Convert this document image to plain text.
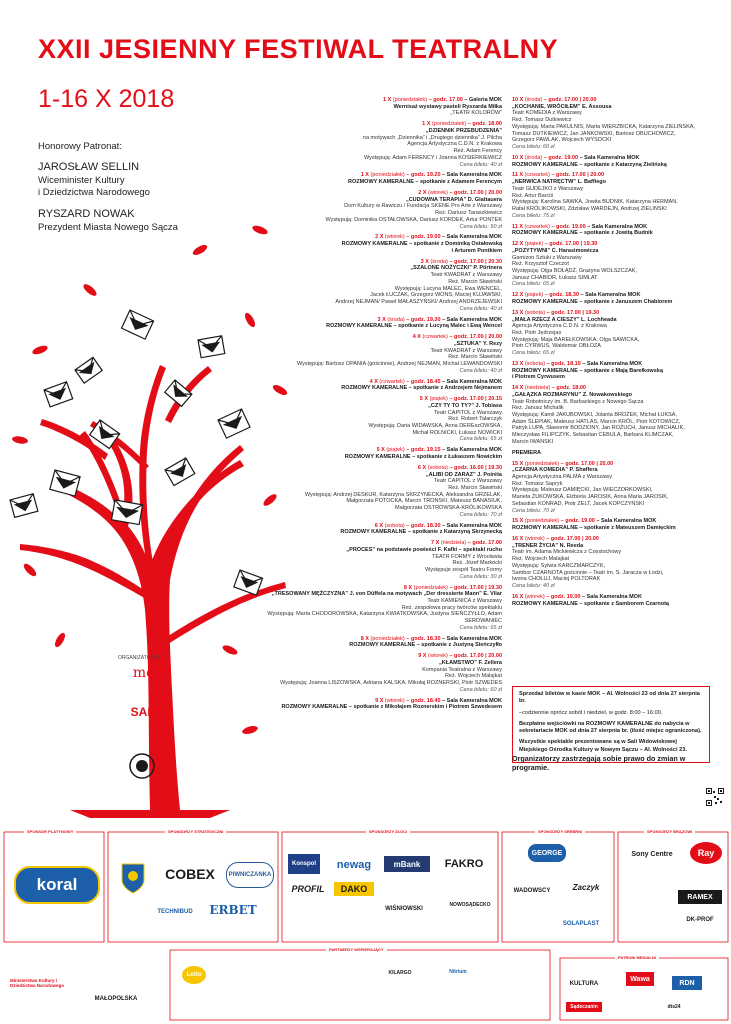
XXII JESIENNY FESTIWAL TEATRALNY
1-16 X 2018
Honorowy Patronat:
JAROSŁAW SELLIN
Wiceminister Kultury
i Dziedzictwa Narodowego
RYSZARD NOWAK
Prezydent Miasta Nowego Sącza
ORGANIZATORZY:
mok
SAKI
1 X (poniedziałek) – godz. 17.00 – Galeria MOK
Wernisaż wystawy pasteli Ryszarda Miłka
„TEATR KOLORÓW”
1 X (poniedziałek) – godz. 18.00
„DZIENNIK PRZEBUDZENIA”
na motywach „Dziennika” i „Drugiego dziennika” J. Pilcha
Agencja Artystyczna C.D.N. z Krakowa
Reż. Adam Ferency
Występują: Adam FERENCY i Joanna KOSIERKIEWICZ
Cena biletu: 40 zł
1 X (poniedziałek) – godz. 19.20 – Sala Kameralna MOK
ROZMOWY KAMERALNE – spotkanie z Adamem Ferencym
2 X (wtorek) – godz. 17.00 | 20.00
„CUDOWNA TERAPIA” D. Glattauera
Dom Kultury w Rawiczu / Fundacja SKENE Pro Arte z Warszawy
Reż. Dariusz Taraszkiewicz
Występują: Dominika OSTAŁOWSKA, Dariusz KORDEK, Artur PONTEK
Cena biletu: 50 zł
2 X (wtorek) – godz. 19.00 – Sala Kameralna MOK
ROZMOWY KAMERALNE – spotkanie z Dominiką Ostałowską
i Arturem Pontkiem
3 X (środa) – godz. 17.00 | 20.30
„SZALONE NOŻYCZKI” P. Pörtnera
Teatr KWADRAT z Warszawy
Reż. Marcin Sławiński
Występują: Lucyna MALEC, Ewa WENCEL,
Jacek ŁUCZAK, Grzegorz WONS, Maciej KUJAWSKI,
Andrzej NEJMAN/ Paweł MAŁASZYŃSKI/ Andrzej ANDRZEJEWSKI
Cena biletu: 40 zł
3 X (środa) – godz. 19.30 – Sala Kameralna MOK
ROZMOWY KAMERALNE – spotkanie z Lucyną Malec i Ewą Wencel
4 X (czwartek) – godz. 17.00 | 20.00
„SZTUKA” Y. Rezy
Teatr KWADRAT z Warszawy
Reż. Marcin Sławiński
Występują: Bartosz OPANIA (gościnnie), Andrzej NEJMAN, Michał LEWANDOWSKI
Cena biletu: 40 zł
4 X (czwartek) – godz. 18.45 – Sala Kameralna MOK
ROZMOWY KAMERALNE – spotkanie z Andrzejem Nejmanem
5 X (piątek) – godz. 17.00 | 20.15
„CZY TY TO TY?” J. Tobiasa
Teatr CAPITOL z Warszawy
Reż. Robert Talarczyk
Występują: Daria WIDAWSKA, Anna DEREszOWSKA,
Michał ROLNICKI, Łukasz NOWICKI
Cena biletu: 65 zł
5 X (piątek) – godz. 19.15 – Sala Kameralna MOK
ROZMOWY KAMERALNE – spotkanie z Łukaszem Nowickim
6 X (sobota) – godz. 16.00 | 19.30
„ALIBI OD ZARAZ” J. Poiréta
Teatr CAPITOL z Warszawy
Reż. Marcin Sławiński
Występują: Andrzej DESKUR, Katarzyna SKRZYNECKA, Aleksandra GRZELAK,
Małgorzata POTOCKA, Marcin TRONSKI, Mateusz BANASIUK,
Małgorzata OSTROWSKA-KRÓLIKOWSKA
Cena biletu: 70 zł
6 X (sobota) – godz. 18.30 – Sala Kameralna MOK
ROZMOWY KAMERALNE – spotkanie z Katarzyną Skrzynecką
7 X (niedziela) – godz. 17.00
„PROCES” na podstawie powieści F. Kafki – spektakl ruchu
TEATR FORMY z Wrocławia
Reż. Józef Markocki
Występuje zespół Teatru Formy
Cena biletu: 30 zł
8 X (poniedziałek) – godz. 17.00 | 19.30
„TRESOWANY MĘŻCZYZNA” J. von Düffela na motywach „Der dressierte Mann” E. Vilar
Teatr KAMIENICA z Warszawy
Reż. zespołowa pracy twórców spektaklu
Występują: Marta CHODOROWSKA, Katarzyna KWIATKOWSKA, Justyna SIEŃCZYŁŁO, Adam SEROWANIEC
Cena biletu: 65 zł
8 X (poniedziałek) – godz. 18.30 – Sala Kameralna MOK
ROZMOWY KAMERALNE – spotkanie z Justyną Sieńczyłło
9 X (wtorek) – godz. 17.00 | 20.00
„KŁAMSTWO” F. Zellera
Kompania Teatralna z Warszawy
Reż. Wojciech Malajkat
Występują: Joanna LISZOWSKA, Adriana KALSKA, Mikołaj ROZNERSKI, Piotr SZWEDES
Cena biletu: 60 zł
9 X (wtorek) – godz. 18.45 – Sala Kameralna MOK
ROZMOWY KAMERALNE – spotkanie z Mikołajem Roznerskim i Piotrem Szwedesem
10 X (środa) – godz. 17.00 | 20.00
„KOCHANIE, WRÓCIŁEM” E. Assousa
Teatr KOMEDIA z Warszawy
Reż. Tomasz Dutkiewicz
Występują: Marta PAKULNIS, Marta WIERZBICKA, Katarzyna ZIELIŃSKA,
Tomasz DUTKIEWICZ, Jan JANKOWSKI, Bartosz OBUCHOWICZ,
Grzegorz PAWLAK, Wojciech WYSOCKI
Cena biletu: 60 zł
10 X (środa) – godz. 19.00 – Sala Kameralna MOK
ROZMOWY KAMERALNE – spotkanie z Katarzyną Zielińską
11 X (czwartek) – godz. 17.00 | 20.00
„NERWICA NATRĘCTW” L. Baffiego
Teatr GUDEJKO z Warszawy
Reż. Artur Barciś
Występują: Karolina SAWKA, Jowita BUDNIK, Katarzyna HERMAN,
Rafał KRÓLIKOWSKI, Zdzisław WARDEJN, Andrzej ZIELIŃSKI
Cena biletu: 75 zł
11 X (czwartek) – godz. 19.00 – Sala Kameralna MOK
ROZMOWY KAMERALNE – spotkanie z Jowitą Budnik
12 X (piątek) – godz. 17.00 | 19.30
„POZYTYWNI” C. Harasimowicza
Garnizon Sztuki z Warszawy
Reż. Krzysztof Czeczot
Występują: Olga BOŁĄDŹ, Grażyna WOLSZCZAK,
Janusz CHABIOR, Łukasz SIMLAT
Cena biletu: 65 zł
12 X (piątek) – godz. 18.30 – Sala Kameralna MOK
ROZMOWY KAMERALNE – spotkanie z Januszem Chabiorem
13 X (sobota) – godz. 17.00 | 19.30
„MAŁA RZECZ A CIESZY” L. Lochheada
Agencja Artystyczna C.D.N. z Krakowa
Reż. Piotr Jędrzejas
Występują: Maja BAREŁKOWSKA, Olga SAWICKA,
Piotr CYRWUS, Waldemar OBŁOZA
Cena biletu: 65 zł
13 X (sobota) – godz. 18.15 – Sala Kameralna MOK
ROZMOWY KAMERALNE – spotkanie z Mają Barełkowską
i Piotrem Cyrwusem
14 X (niedziela) – godz. 18.00
„GAŁĄZKA ROZMARYNU” Z. Nowakowskiego
Teatr Robotniczy im. B. Barbackiego z Nowego Sącza
Reż. Janusz Michalik
Występują: Kamil JAKUBOWSKI, Jolanta BROŻEK, Michał ŁUKSA,
Adam ŚLEPIAK, Mateusz HATLAS, Marcin KRÓL, Piotr KOTOWICZ,
Patryk LUPA, Sławomir BODZIONY, Jan ROŻUCH, Janusz MICHALIK,
Mieczysław FILIPCZYK, Sebastian CEBULA, Barbara KLIMCZAK,
Marcin IWANSKI
PREMIERA
15 X (poniedziałek) – godz. 17.00 | 20.00
„CZARNA KOMEDIA” P. Shaffera
Agencja Artystyczna PALMA z Warszawy
Reż. Tomasz Sapryk
Występują: Mateusz DAMIĘCKI, Jan WIECZORKOWSKI,
Marieta ŻUKOWSKA, Elżbieta JAROSIK, Anna Maria JAROSIK,
Sebastian KONRAD, Piotr ZELT, Jacek KOPCZYŃSKI
Cena biletu: 70 zł
15 X (poniedziałek) – godz. 19.00 – Sala Kameralna MOK
ROZMOWY KAMERALNE – spotkanie z Mateuszem Damięckim
16 X (wtorek) – godz. 17.00 | 20.00
„TRENER ŻYCIA” N. Reeda
Teatr im. Adama Mickiewicza z Częstochowy
Reż. Wojciech Malajkat
Występują: Sylwia KARCZMARCZYK,
Sambor CZARNOTA gościnnie – Teatr im. S. Jaracza w Łodzi,
Iwona CHOŁUJ, Maciej POLTORAK
Cena biletu: 40 zł
16 X (wtorek) – godz. 19.00 – Sala Kameralna MOK
ROZMOWY KAMERALNE – spotkanie z Samborem Czarnotą

Sprzedaż biletów w kasie MOK – Al. Wolności 23 od dnia 27 sierpnia br.

–codziennie oprócz sobót i niedziel, w godz. 8:00 – 16:00.

Bezpłatne wejściówki na ROZMOWY KAMERALNE do nabycia w sekretariacie MOK od dnia 27 sierpnia br. (ilość miejsc ograniczona).

Wszystkie spektakle prezentowane są w Sali Widowiskowej Miejskiego Ośrodka Kultury w Nowym Sączu – Al. Wolności 23.

Organizatorzy zastrzegają sobie prawo do zmian w programie.
SPONSOR PLATYNOWY	SPONSORZY STRATEGICZNI	SPONSORZY ZŁOCI	SPONSORZY SREBRNI	SPONSORZY BRĄZOWI
PARTNERZY WSPIERAJĄCY
PATRONI MEDIALNI
koral
COBEX
TECHNIBUD	ERBET
PIWNICZANKA
Konspol	newag	mBank	FAKRO
PROFIL	DAKO
WIŚNIOWSKI
NOWOSĄDECKO
GEORGE
WADOWSCY	Zaczyk
SOLAPLAST
Sony Centre	Ray
RAMEX
DK-PROF
Lotto	KILARGO	Nitrium
KULTURA
Wawa
Sądeczanin
RDN
dts24
Ministerstwo Kultury i Dziedzictwa Narodowego
MAŁOPOLSKA
